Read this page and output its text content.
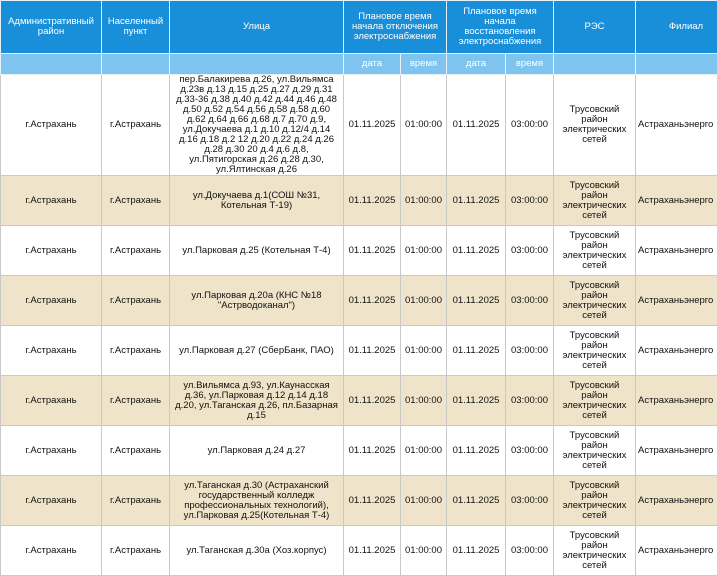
Административный район	Населенный пункт	Улица	Плановое время начала отключения электроснабжения		Плановое время начала восстановления электроснабжения		РЭС	Филиал
			дата	время	дата	время		
г.Астрахань	г.Астрахань	пер.Балакирева д.26, ул.Вильямса д.23в д.13 д.15 д.25 д.27 д.29 д.31 д.33-36 д.38 д.40 д.42 д.44 д.46 д.48 д.50 д.52 д.54 д.56 д.58 д.58 д.60 д.62 д.64 д.66 д.68 д.7 д.70 д.9, ул.Докучаева д.1 д.10 д.12/4 д.14 д.16 д.18 д.2 12 д.20 д.22 д.24 д.26 д.28 д.30 20 д.4 д.6 д.8, ул.Пятигорская д.26 д.28 д.30, ул.Ялтинская д.26	01.11.2025	01:00:00	01.11.2025	03:00:00	Трусовский район электрических сетей	Астраханьэнерго
г.Астрахань	г.Астрахань	ул.Докучаева д.1(СОШ №31, Котельная Т-19)	01.11.2025	01:00:00	01.11.2025	03:00:00	Трусовский район электрических сетей	Астраханьэнерго
г.Астрахань	г.Астрахань	ул.Парковая д.25 (Котельная Т-4)	01.11.2025	01:00:00	01.11.2025	03:00:00	Трусовский район электрических сетей	Астраханьэнерго
г.Астрахань	г.Астрахань	ул.Парковая д.20а (КНС №18 "Астрводоканал")	01.11.2025	01:00:00	01.11.2025	03:00:00	Трусовский район электрических сетей	Астраханьэнерго
г.Астрахань	г.Астрахань	ул.Парковая д.27 (СберБанк, ПАО)	01.11.2025	01:00:00	01.11.2025	03:00:00	Трусовский район электрических сетей	Астраханьэнерго
г.Астрахань	г.Астрахань	ул.Вильямса д.93, ул.Каунасская д.36, ул.Парковая д.12 д.14 д.18 д.20, ул.Таганская д.26, пл.Базарная д.15	01.11.2025	01:00:00	01.11.2025	03:00:00	Трусовский район электрических сетей	Астраханьэнерго
г.Астрахань	г.Астрахань	ул.Парковая д.24 д.27	01.11.2025	01:00:00	01.11.2025	03:00:00	Трусовский район электрических сетей	Астраханьэнерго
г.Астрахань	г.Астрахань	ул.Таганская д.30 (Астраханский государственный колледж профессиональных технологий), ул.Парковая д.25(Котельная Т-4)	01.11.2025	01:00:00	01.11.2025	03:00:00	Трусовский район электрических сетей	Астраханьэнерго
г.Астрахань	г.Астрахань	ул.Таганская д.30а (Хоз.корпус)	01.11.2025	01:00:00	01.11.2025	03:00:00	Трусовский район электрических сетей	Астраханьэнерго
